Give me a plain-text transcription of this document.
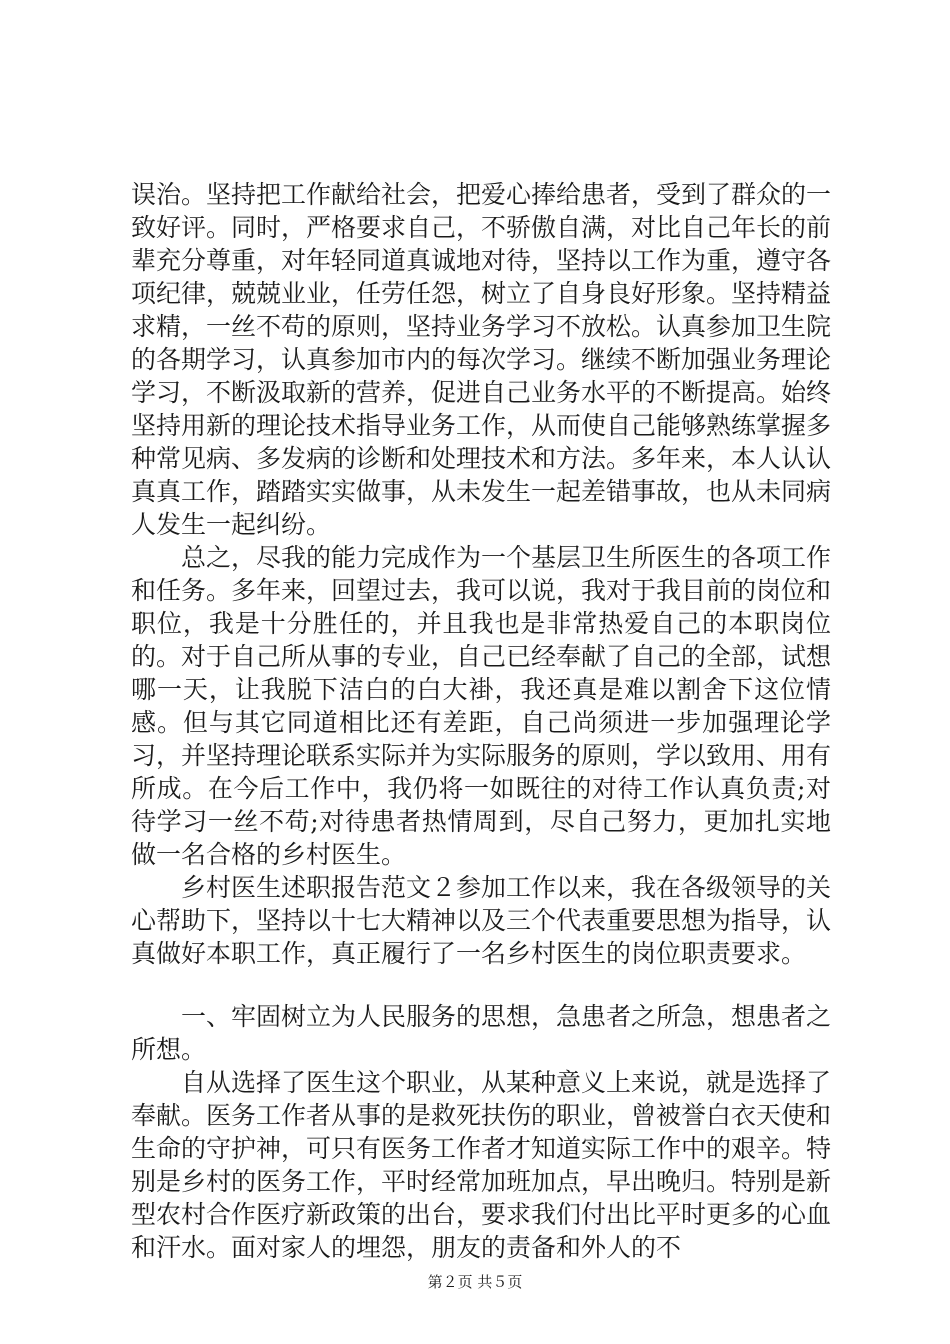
误治。坚持把工作献给社会，把爱心捧给患者，受到了群众的一致好评。同时，严格要求自己，不骄傲自满，对比自己年长的前辈充分尊重，对年轻同道真诚地对待，坚持以工作为重，遵守各项纪律，兢兢业业，任劳任怨，树立了自身良好形象。坚持精益求精，一丝不苟的原则，坚持业务学习不放松。认真参加卫生院的各期学习，认真参加市内的每次学习。继续不断加强业务理论学习，不断汲取新的营养，促进自己业务水平的不断提高。始终坚持用新的理论技术指导业务工作，从而使自己能够熟练掌握多种常见病、多发病的诊断和处理技术和方法。多年来，本人认认真真工作，踏踏实实做事，从未发生一起差错事故，也从未同病人发生一起纠纷。

总之，尽我的能力完成作为一个基层卫生所医生的各项工作和任务。多年来，回望过去，我可以说，我对于我目前的岗位和职位，我是十分胜任的，并且我也是非常热爱自己的本职岗位的。对于自己所从事的专业，自己已经奉献了自己的全部，试想哪一天，让我脱下洁白的白大褂，我还真是难以割舍下这位情感。但与其它同道相比还有差距，自己尚须进一步加强理论学习，并坚持理论联系实际并为实际服务的原则，学以致用、用有所成。在今后工作中，我仍将一如既往的对待工作认真负责;对待学习一丝不苟;对待患者热情周到，尽自己努力，更加扎实地做一名合格的乡村医生。

乡村医生述职报告范文２参加工作以来，我在各级领导的关心帮助下，坚持以十七大精神以及三个代表重要思想为指导，认真做好本职工作，真正履行了一名乡村医生的岗位职责要求。

一、牢固树立为人民服务的思想，急患者之所急，想患者之所想。

自从选择了医生这个职业，从某种意义上来说，就是选择了奉献。医务工作者从事的是救死扶伤的职业，曾被誉白衣天使和生命的守护神，可只有医务工作者才知道实际工作中的艰辛。特别是乡村的医务工作，平时经常加班加点，早出晚归。特别是新型农村合作医疗新政策的出台，要求我们付出比平时更多的心血和汗水。面对家人的埋怨，朋友的责备和外人的不

第２页 共５页
